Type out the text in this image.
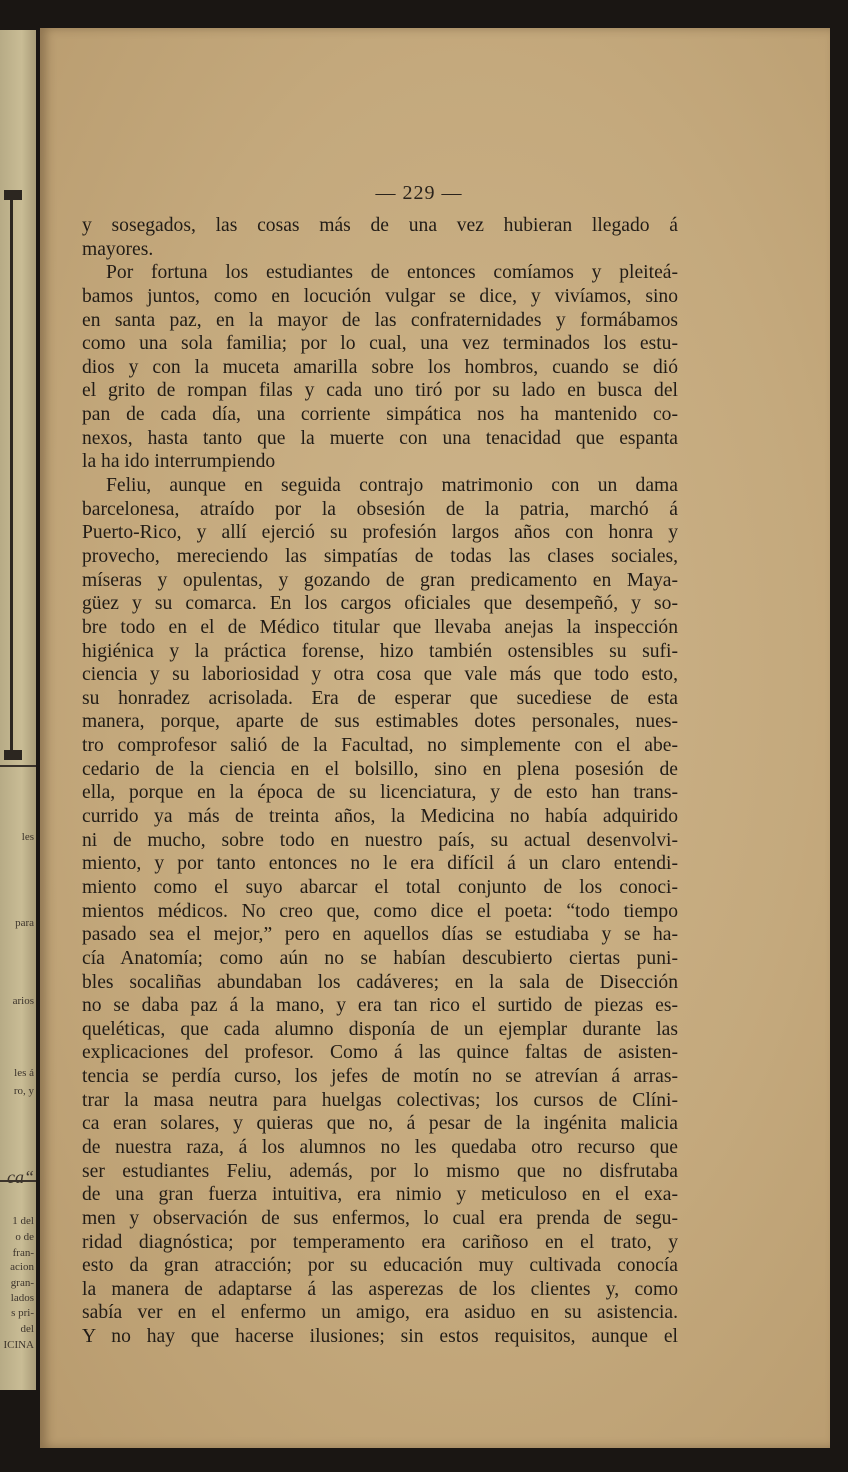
les
para
arios
les á
ro, y
ca“
1 del
o de
fran-
acion
gran-
lados
s pri-
del
ICINA
— 229 —
y sosegados, las cosas más de una vez hubieran llegado á
mayores.
Por fortuna los estudiantes de entonces comíamos y pleiteá-
bamos juntos, como en locución vulgar se dice, y vivíamos, sino
en santa paz, en la mayor de las confraternidades y formábamos
como una sola familia; por lo cual, una vez terminados los estu-
dios y con la muceta amarilla sobre los hombros, cuando se dió
el grito de rompan filas y cada uno tiró por su lado en busca del
pan de cada día, una corriente simpática nos ha mantenido co-
nexos, hasta tanto que la muerte con una tenacidad que espanta
la ha ido interrumpiendo
Feliu, aunque en seguida contrajo matrimonio con un dama
barcelonesa, atraído por la obsesión de la patria, marchó á
Puerto-Rico, y allí ejerció su profesión largos años con honra y
provecho, mereciendo las simpatías de todas las clases sociales,
míseras y opulentas, y gozando de gran predicamento en Maya-
güez y su comarca. En los cargos oficiales que desempeñó, y so-
bre todo en el de Médico titular que llevaba anejas la inspección
higiénica y la práctica forense, hizo también ostensibles su sufi-
ciencia y su laboriosidad y otra cosa que vale más que todo esto,
su honradez acrisolada. Era de esperar que sucediese de esta
manera, porque, aparte de sus estimables dotes personales, nues-
tro comprofesor salió de la Facultad, no simplemente con el abe-
cedario de la ciencia en el bolsillo, sino en plena posesión de
ella, porque en la época de su licenciatura, y de esto han trans-
currido ya más de treinta años, la Medicina no había adquirido
ni de mucho, sobre todo en nuestro país, su actual desenvolvi-
miento, y por tanto entonces no le era difícil á un claro entendi-
miento como el suyo abarcar el total conjunto de los conoci-
mientos médicos. No creo que, como dice el poeta: “todo tiempo
pasado sea el mejor,” pero en aquellos días se estudiaba y se ha-
cía Anatomía; como aún no se habían descubierto ciertas puni-
bles socaliñas abundaban los cadáveres; en la sala de Disección
no se daba paz á la mano, y era tan rico el surtido de piezas es-
queléticas, que cada alumno disponía de un ejemplar durante las
explicaciones del profesor. Como á las quince faltas de asisten-
tencia se perdía curso, los jefes de motín no se atrevían á arras-
trar la masa neutra para huelgas colectivas; los cursos de Clíni-
ca eran solares, y quieras que no, á pesar de la ingénita malicia
de nuestra raza, á los alumnos no les quedaba otro recurso que
ser estudiantes Feliu, además, por lo mismo que no disfrutaba
de una gran fuerza intuitiva, era nimio y meticuloso en el exa-
men y observación de sus enfermos, lo cual era prenda de segu-
ridad diagnóstica; por temperamento era cariñoso en el trato, y
esto da gran atracción; por su educación muy cultivada conocía
la manera de adaptarse á las asperezas de los clientes y, como
sabía ver en el enfermo un amigo, era asiduo en su asistencia.
Y no hay que hacerse ilusiones; sin estos requisitos, aunque el
